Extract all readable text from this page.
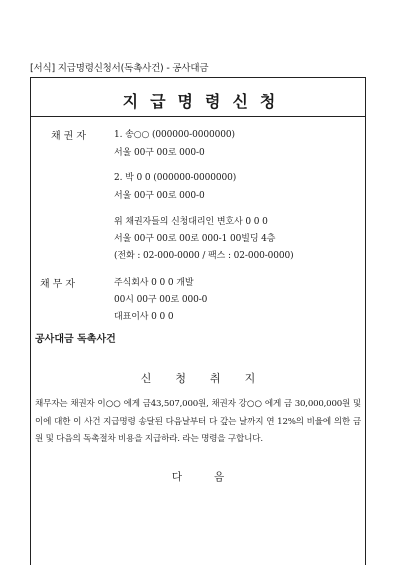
[서식] 지급명령신청서(독촉사건) - 공사대금
지급명령신청
채권자	1. 송○○ (000000-0000000)
서울 00구 00로 000-0
2. 박 0 0 (000000-0000000)
서울 00구 00로 000-0
위 채권자들의 신청대리인 변호사 0 0 0
서울 00구 00로 00로 000-1 00빌딩 4층
(전화 : 02-000-0000 / 팩스 : 02-000-0000)
채무자	주식회사 0 0 0 개발
00시 00구 00로 000-0
대표이사 0 0 0
공사대금 독촉사건
신청취지
채무자는 채권자 이○○ 에게 금43,507,000원, 채권자 강○○ 에게 금 30,000,000원 및 이에 대한 이 사건 지급명령 송달된 다음날부터 다 갚는 날까지 연 12%의 비율에 의한 금원 및 다음의 독촉절차 비용을 지급하라. 라는 명령을 구합니다.
다음
